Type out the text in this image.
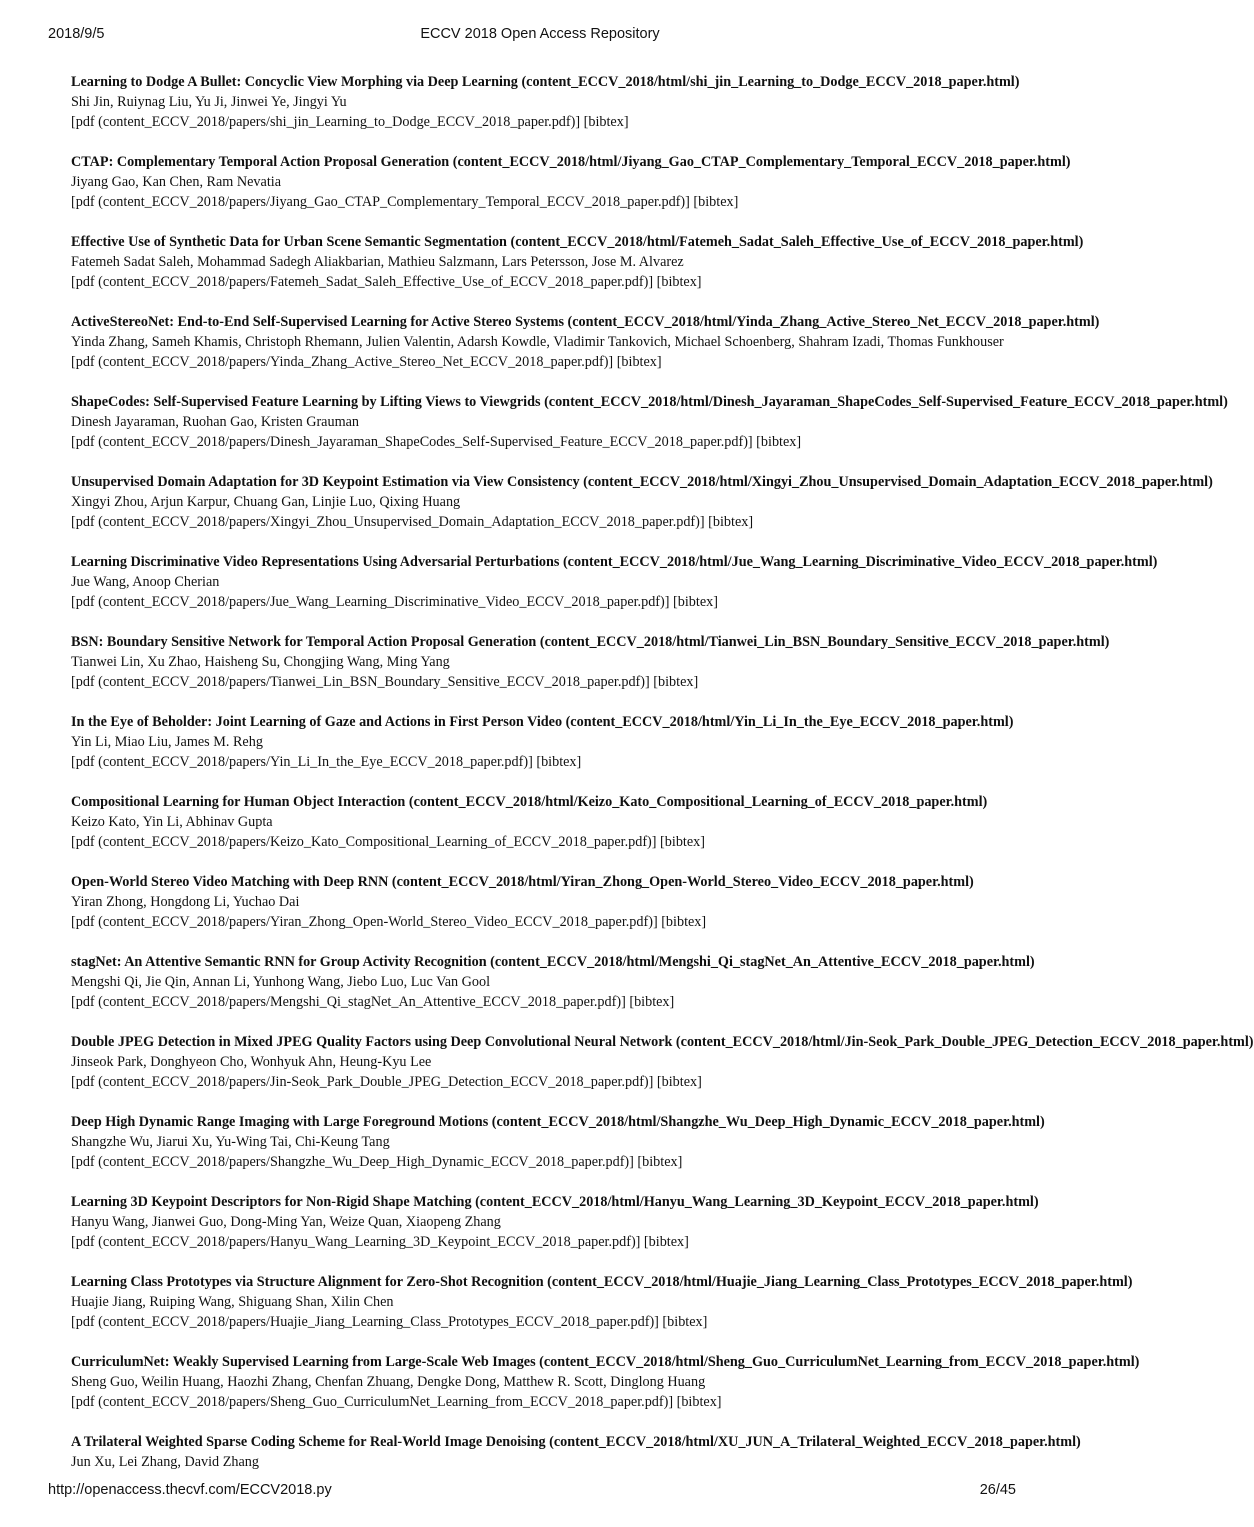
2018/9/5	ECCV 2018 Open Access Repository
Learning to Dodge A Bullet: Concyclic View Morphing via Deep Learning (content_ECCV_2018/html/shi_jin_Learning_to_Dodge_ECCV_2018_paper.html)
Shi Jin, Ruiynag Liu, Yu Ji, Jinwei Ye, Jingyi Yu
[pdf (content_ECCV_2018/papers/shi_jin_Learning_to_Dodge_ECCV_2018_paper.pdf)] [bibtex]
CTAP: Complementary Temporal Action Proposal Generation (content_ECCV_2018/html/Jiyang_Gao_CTAP_Complementary_Temporal_ECCV_2018_paper.html)
Jiyang Gao, Kan Chen, Ram Nevatia
[pdf (content_ECCV_2018/papers/Jiyang_Gao_CTAP_Complementary_Temporal_ECCV_2018_paper.pdf)] [bibtex]
Effective Use of Synthetic Data for Urban Scene Semantic Segmentation (content_ECCV_2018/html/Fatemeh_Sadat_Saleh_Effective_Use_of_ECCV_2018_paper.html)
Fatemeh Sadat Saleh, Mohammad Sadegh Aliakbarian, Mathieu Salzmann, Lars Petersson, Jose M. Alvarez
[pdf (content_ECCV_2018/papers/Fatemeh_Sadat_Saleh_Effective_Use_of_ECCV_2018_paper.pdf)] [bibtex]
ActiveStereoNet: End-to-End Self-Supervised Learning for Active Stereo Systems (content_ECCV_2018/html/Yinda_Zhang_Active_Stereo_Net_ECCV_2018_paper.html)
Yinda Zhang, Sameh Khamis, Christoph Rhemann, Julien Valentin, Adarsh Kowdle, Vladimir Tankovich, Michael Schoenberg, Shahram Izadi, Thomas Funkhouser
[pdf (content_ECCV_2018/papers/Yinda_Zhang_Active_Stereo_Net_ECCV_2018_paper.pdf)] [bibtex]
ShapeCodes: Self-Supervised Feature Learning by Lifting Views to Viewgrids (content_ECCV_2018/html/Dinesh_Jayaraman_ShapeCodes_Self-Supervised_Feature_ECCV_2018_paper.html)
Dinesh Jayaraman, Ruohan Gao, Kristen Grauman
[pdf (content_ECCV_2018/papers/Dinesh_Jayaraman_ShapeCodes_Self-Supervised_Feature_ECCV_2018_paper.pdf)] [bibtex]
Unsupervised Domain Adaptation for 3D Keypoint Estimation via View Consistency (content_ECCV_2018/html/Xingyi_Zhou_Unsupervised_Domain_Adaptation_ECCV_2018_paper.html)
Xingyi Zhou, Arjun Karpur, Chuang Gan, Linjie Luo, Qixing Huang
[pdf (content_ECCV_2018/papers/Xingyi_Zhou_Unsupervised_Domain_Adaptation_ECCV_2018_paper.pdf)] [bibtex]
Learning Discriminative Video Representations Using Adversarial Perturbations (content_ECCV_2018/html/Jue_Wang_Learning_Discriminative_Video_ECCV_2018_paper.html)
Jue Wang, Anoop Cherian
[pdf (content_ECCV_2018/papers/Jue_Wang_Learning_Discriminative_Video_ECCV_2018_paper.pdf)] [bibtex]
BSN: Boundary Sensitive Network for Temporal Action Proposal Generation (content_ECCV_2018/html/Tianwei_Lin_BSN_Boundary_Sensitive_ECCV_2018_paper.html)
Tianwei Lin, Xu Zhao, Haisheng Su, Chongjing Wang, Ming Yang
[pdf (content_ECCV_2018/papers/Tianwei_Lin_BSN_Boundary_Sensitive_ECCV_2018_paper.pdf)] [bibtex]
In the Eye of Beholder: Joint Learning of Gaze and Actions in First Person Video (content_ECCV_2018/html/Yin_Li_In_the_Eye_ECCV_2018_paper.html)
Yin Li, Miao Liu, James M. Rehg
[pdf (content_ECCV_2018/papers/Yin_Li_In_the_Eye_ECCV_2018_paper.pdf)] [bibtex]
Compositional Learning for Human Object Interaction (content_ECCV_2018/html/Keizo_Kato_Compositional_Learning_of_ECCV_2018_paper.html)
Keizo Kato, Yin Li, Abhinav Gupta
[pdf (content_ECCV_2018/papers/Keizo_Kato_Compositional_Learning_of_ECCV_2018_paper.pdf)] [bibtex]
Open-World Stereo Video Matching with Deep RNN (content_ECCV_2018/html/Yiran_Zhong_Open-World_Stereo_Video_ECCV_2018_paper.html)
Yiran Zhong, Hongdong Li, Yuchao Dai
[pdf (content_ECCV_2018/papers/Yiran_Zhong_Open-World_Stereo_Video_ECCV_2018_paper.pdf)] [bibtex]
stagNet: An Attentive Semantic RNN for Group Activity Recognition (content_ECCV_2018/html/Mengshi_Qi_stagNet_An_Attentive_ECCV_2018_paper.html)
Mengshi Qi, Jie Qin, Annan Li, Yunhong Wang, Jiebo Luo, Luc Van Gool
[pdf (content_ECCV_2018/papers/Mengshi_Qi_stagNet_An_Attentive_ECCV_2018_paper.pdf)] [bibtex]
Double JPEG Detection in Mixed JPEG Quality Factors using Deep Convolutional Neural Network (content_ECCV_2018/html/Jin-Seok_Park_Double_JPEG_Detection_ECCV_2018_paper.html)
Jinseok Park, Donghyeon Cho, Wonhyuk Ahn, Heung-Kyu Lee
[pdf (content_ECCV_2018/papers/Jin-Seok_Park_Double_JPEG_Detection_ECCV_2018_paper.pdf)] [bibtex]
Deep High Dynamic Range Imaging with Large Foreground Motions (content_ECCV_2018/html/Shangzhe_Wu_Deep_High_Dynamic_ECCV_2018_paper.html)
Shangzhe Wu, Jiarui Xu, Yu-Wing Tai, Chi-Keung Tang
[pdf (content_ECCV_2018/papers/Shangzhe_Wu_Deep_High_Dynamic_ECCV_2018_paper.pdf)] [bibtex]
Learning 3D Keypoint Descriptors for Non-Rigid Shape Matching (content_ECCV_2018/html/Hanyu_Wang_Learning_3D_Keypoint_ECCV_2018_paper.html)
Hanyu Wang, Jianwei Guo, Dong-Ming Yan, Weize Quan, Xiaopeng Zhang
[pdf (content_ECCV_2018/papers/Hanyu_Wang_Learning_3D_Keypoint_ECCV_2018_paper.pdf)] [bibtex]
Learning Class Prototypes via Structure Alignment for Zero-Shot Recognition (content_ECCV_2018/html/Huajie_Jiang_Learning_Class_Prototypes_ECCV_2018_paper.html)
Huajie Jiang, Ruiping Wang, Shiguang Shan, Xilin Chen
[pdf (content_ECCV_2018/papers/Huajie_Jiang_Learning_Class_Prototypes_ECCV_2018_paper.pdf)] [bibtex]
CurriculumNet: Weakly Supervised Learning from Large-Scale Web Images (content_ECCV_2018/html/Sheng_Guo_CurriculumNet_Learning_from_ECCV_2018_paper.html)
Sheng Guo, Weilin Huang, Haozhi Zhang, Chenfan Zhuang, Dengke Dong, Matthew R. Scott, Dinglong Huang
[pdf (content_ECCV_2018/papers/Sheng_Guo_CurriculumNet_Learning_from_ECCV_2018_paper.pdf)] [bibtex]
A Trilateral Weighted Sparse Coding Scheme for Real-World Image Denoising (content_ECCV_2018/html/XU_JUN_A_Trilateral_Weighted_ECCV_2018_paper.html)
Jun Xu, Lei Zhang, David Zhang
http://openaccess.thecvf.com/ECCV2018.py	26/45
